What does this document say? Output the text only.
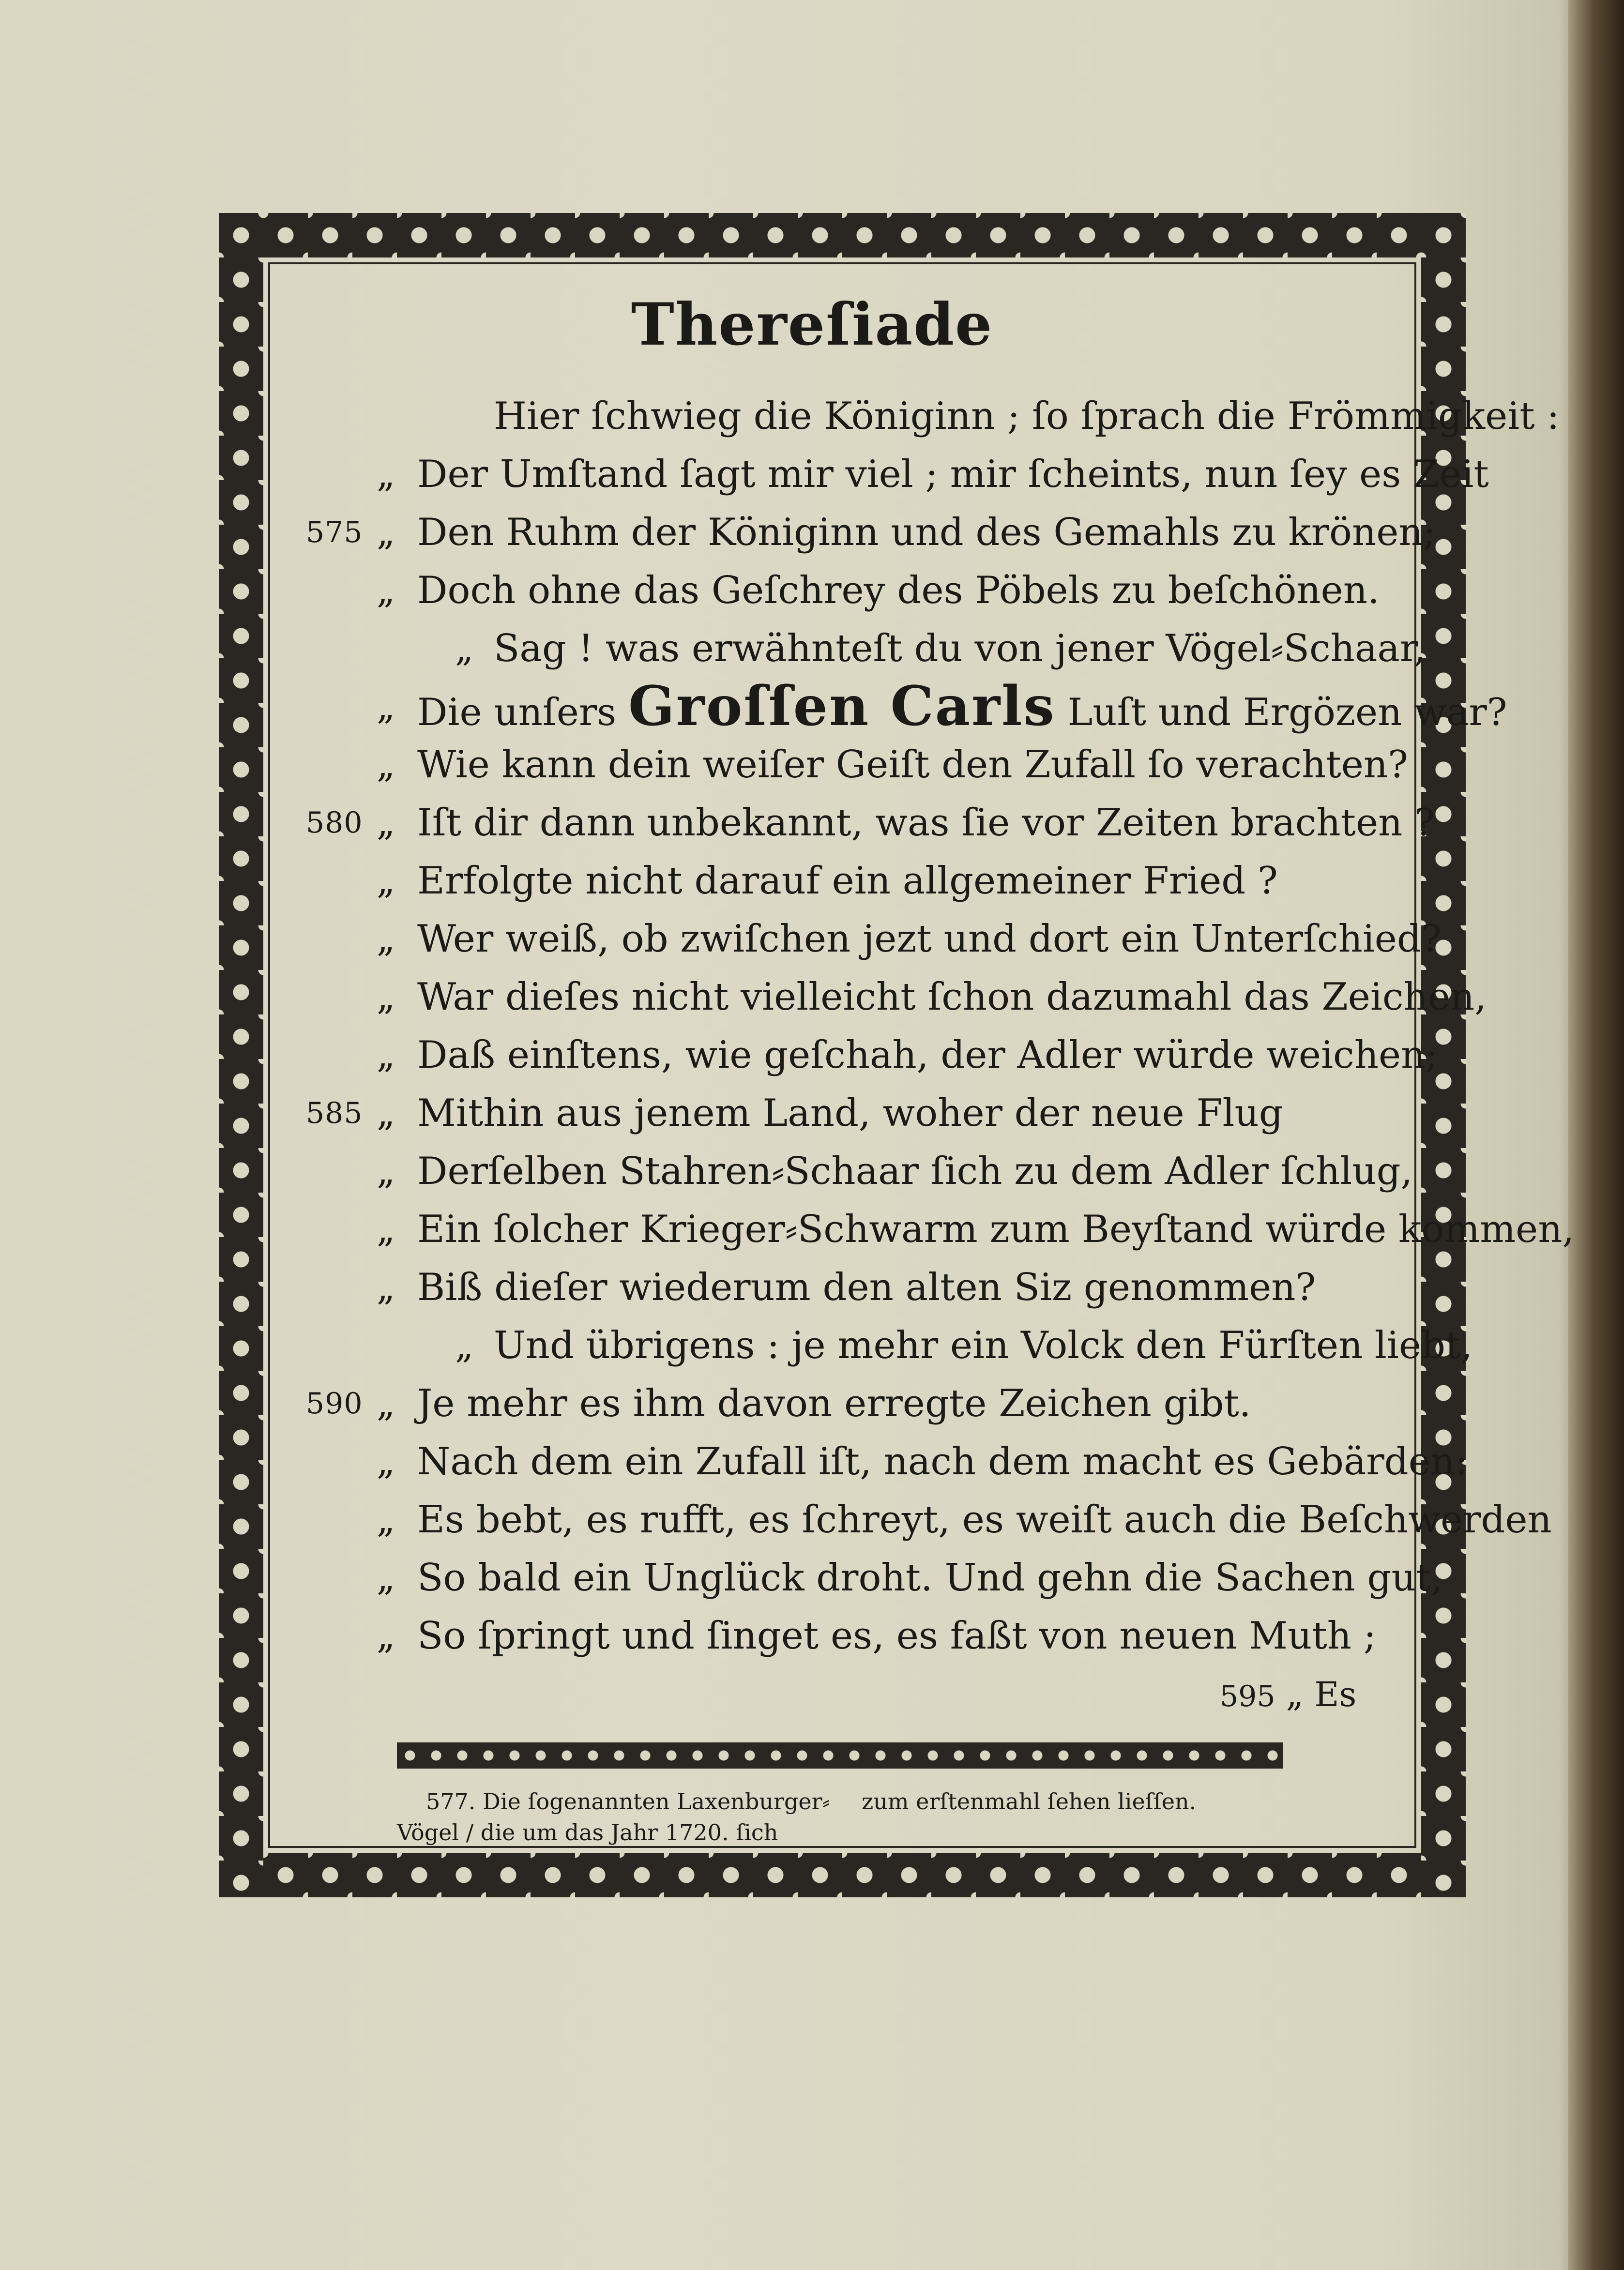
Thereſiade
Hier ſchwieg die Königinn ; ſo ſprach die Frömmigkeit :
„ Der Umſtand ſagt mir viel ; mir ſcheints, nun ſey es Zeit
575 „ Den Ruhm der Königinn und des Gemahls zu krönen;
„ Doch ohne das Geſchrey des Pöbels zu beſchönen.
„ Sag ! was erwähnteſt du von jener Vögel⸗Schaar,
„ Die unſers Groſſen Carls Luſt und Ergözen war?
„ Wie kann dein weiſer Geiſt den Zufall ſo verachten?
580 „ Iſt dir dann unbekannt, was ſie vor Zeiten brachten ?
„ Erfolgte nicht darauf ein allgemeiner Fried ?
„ Wer weiß, ob zwiſchen jezt und dort ein Unterſchied?
„ War dieſes nicht vielleicht ſchon dazumahl das Zeichen,
„ Daß einſtens, wie geſchah, der Adler würde weichen;
585 „ Mithin aus jenem Land, woher der neue Flug
„ Derſelben Stahren⸗Schaar ſich zu dem Adler ſchlug,
„ Ein ſolcher Krieger⸗Schwarm zum Beyſtand würde kommen,
„ Biß dieſer wiederum den alten Siz genommen?
„ Und übrigens : je mehr ein Volck den Fürſten liebt,
590 „ Je mehr es ihm davon erregte Zeichen gibt.
„ Nach dem ein Zufall iſt, nach dem macht es Gebärden:
„ Es bebt, es rufft, es ſchreyt, es weiſt auch die Beſchwerden
„ So bald ein Unglück droht. Und gehn die Sachen gut,
„ So ſpringt und ſinget es, es faßt von neuen Muth ;
595 „ Es
577. Die ſogenannten Laxenburger⸗
Vögel / die um das Jahr 1720. ſich
zum erſtenmahl ſehen lieſſen.
